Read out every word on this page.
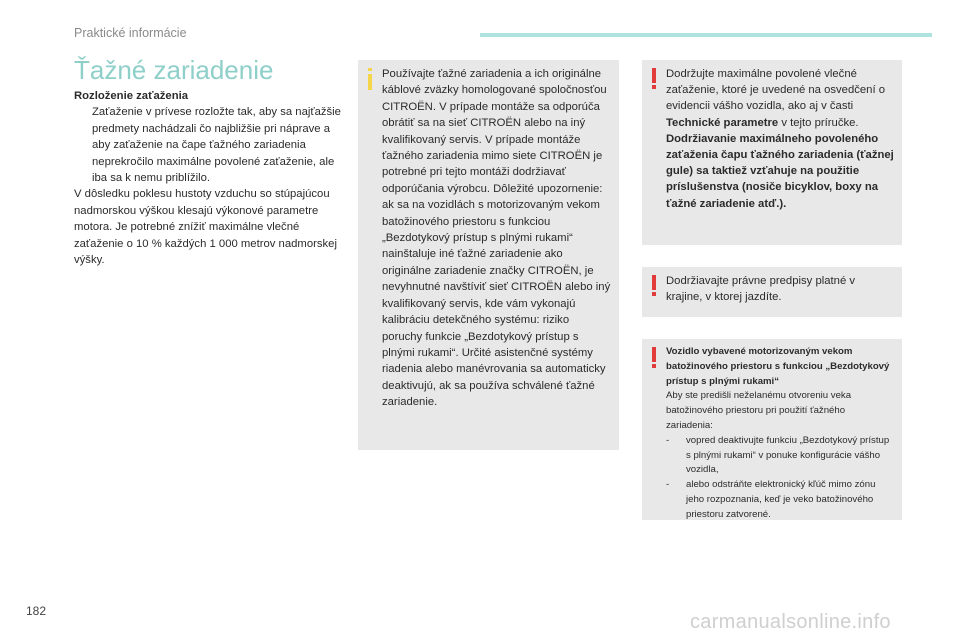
Praktické informácie
Ťažné zariadenie
Rozloženie zaťaženia
Zaťaženie v prívese rozložte tak, aby sa najťažšie predmety nachádzali čo najbližšie pri náprave a aby zaťaženie na čape ťažného zariadenia neprekročilo maximálne povolené zaťaženie, ale iba sa k nemu priblížilo.
V dôsledku poklesu hustoty vzduchu so stúpajúcou nadmorskou výškou klesajú výkonové parametre motora. Je potrebné znížiť maximálne vlečné zaťaženie o 10 % každých 1 000 metrov nadmorskej výšky.
Používajte ťažné zariadenia a ich originálne káblové zväzky homologované spoločnosťou CITROËN. V prípade montáže sa odporúča obrátiť sa na sieť CITROËN alebo na iný kvalifikovaný servis. V prípade montáže ťažného zariadenia mimo siete CITROËN je potrebné pri tejto montáži dodržiavať odporúčania výrobcu. Dôležité upozornenie: ak sa na vozidlách s motorizovaným vekom batožinového priestoru s funkciou „Bezdotykový prístup s plnými rukami“ nainštaluje iné ťažné zariadenie ako originálne zariadenie značky CITROËN, je nevyhnutné navštíviť sieť CITROËN alebo iný kvalifikovaný servis, kde vám vykonajú kalibráciu detekčného systému: riziko poruchy funkcie „Bezdotykový prístup s plnými rukami“. Určité asistenčné systémy riadenia alebo manévrovania sa automaticky deaktivujú, ak sa používa schválené ťažné zariadenie.
Dodržujte maximálne povolené vlečné zaťaženie, ktoré je uvedené na osvedčení o evidencii vášho vozidla, ako aj v časti Technické parametre v tejto príručke.
Dodržiavanie maximálneho povoleného zaťaženia čapu ťažného zariadenia (ťažnej gule) sa taktiež vzťahuje na použitie príslušenstva (nosiče bicyklov, boxy na ťažné zariadenie atď.).
Dodržiavajte právne predpisy platné v krajine, v ktorej jazdíte.
Vozidlo vybavené motorizovaným vekom batožinového priestoru s funkciou „Bezdotykový prístup s plnými rukami“
Aby ste predišli neželanému otvoreniu veka batožinového priestoru pri použití ťažného zariadenia:
-	vopred deaktivujte funkciu „Bezdotykový prístup s plnými rukami“ v ponuke konfigurácie vášho vozidla,
-	alebo odstráňte elektronický kľúč mimo zónu jeho rozpoznania, keď je veko batožinového priestoru zatvorené.
182	carmanualsonline.info
